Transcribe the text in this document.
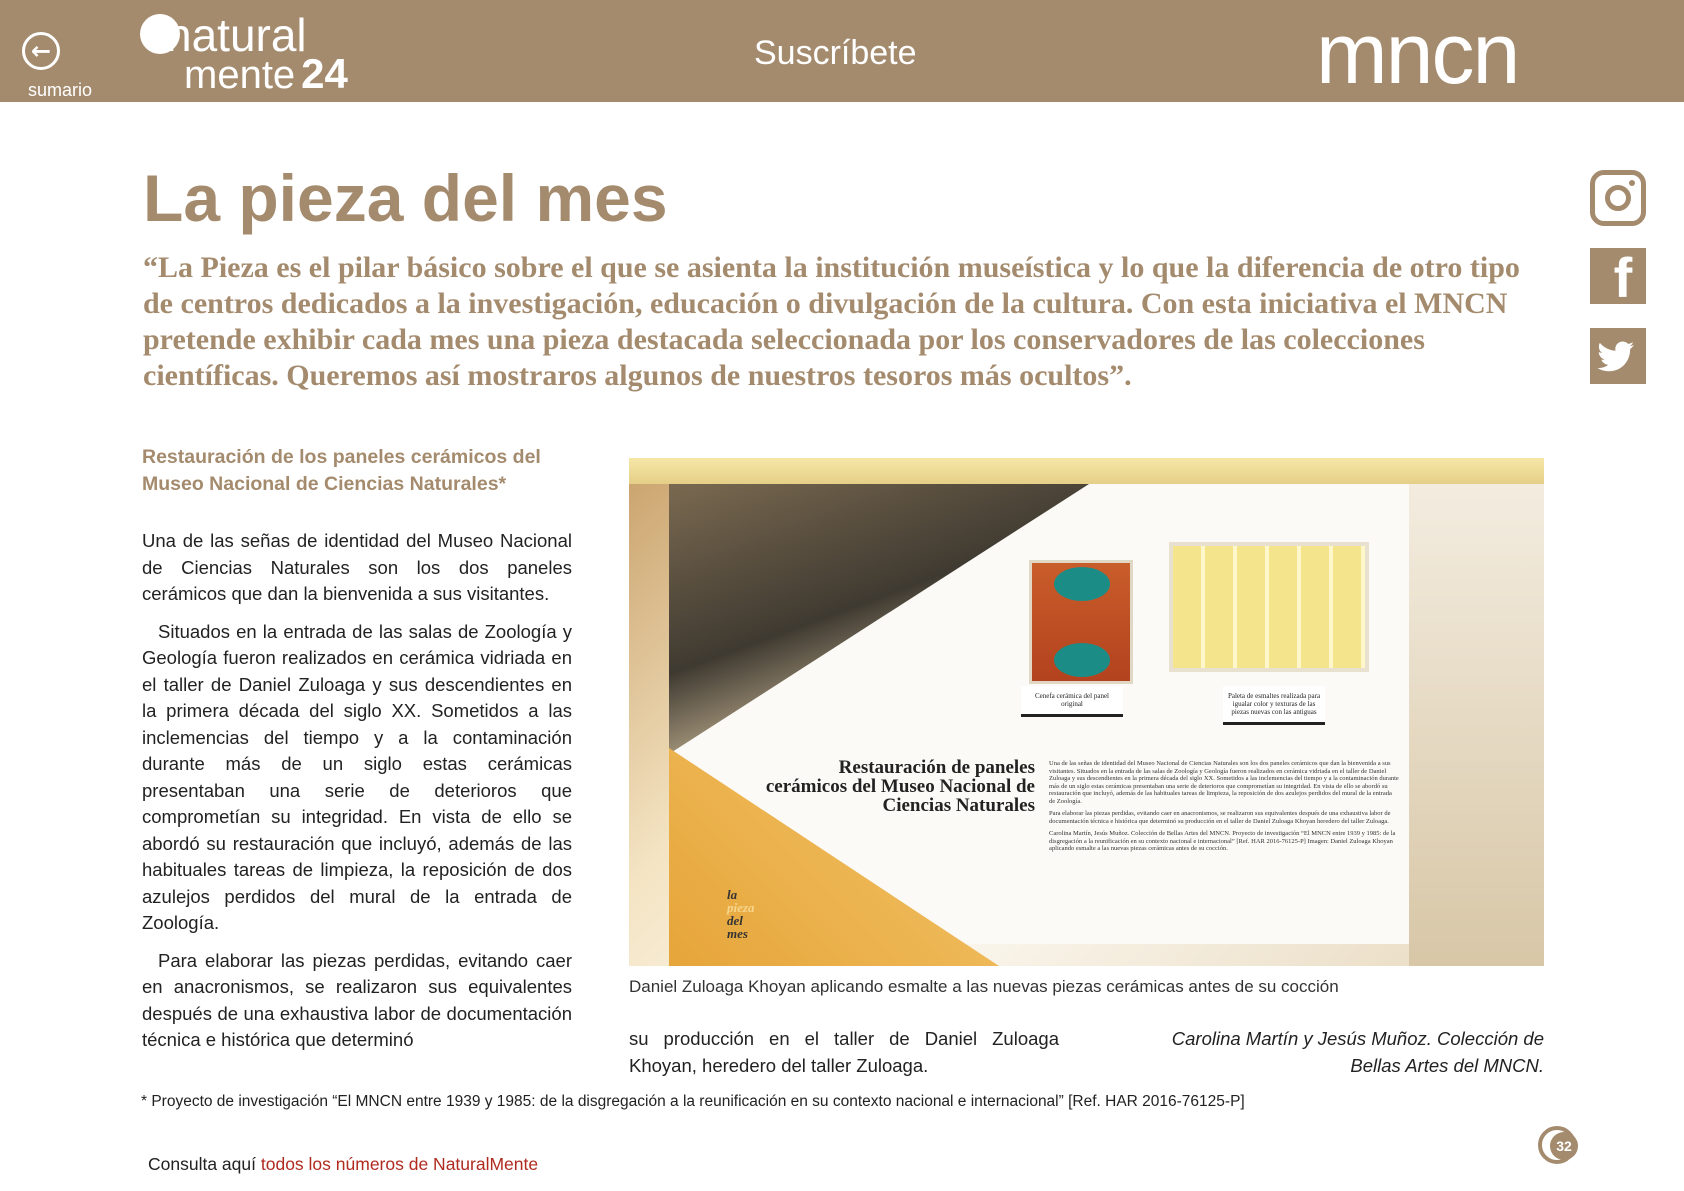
←
sumario
natural
mente 24	Suscríbete	mncn
f
La pieza del mes
“La Pieza es el pilar básico sobre el que se asienta la institución museística y lo que la diferencia de otro tipo de centros dedicados a la investigación, educación o divulgación de la cultura. Con esta iniciativa el MNCN pretende exhibir cada mes una pieza destacada seleccionada por los conservadores de las colecciones científicas. Queremos así mostraros algunos de nuestros tesoros más ocultos”.
Restauración de los paneles cerámicos del Museo Nacional de Ciencias Naturales*

Una de las señas de identidad del Museo Nacional de Ciencias Naturales son los dos paneles cerámicos que dan la bienvenida a sus visitantes.

Situados en la entrada de las salas de Zoología y Geología fueron realizados en cerámica vidriada en el taller de Daniel Zuloaga y sus descendientes en la primera década del siglo XX. Sometidos a las inclemencias del tiempo y a la contaminación durante más de un siglo estas cerámicas presentaban una serie de deterioros que comprometían su integridad. En vista de ello se abordó su restauración que incluyó, además de las habituales tareas de limpieza, la reposición de dos azulejos perdidos del mural de la entrada de Zoología.

Para elaborar las piezas perdidas, evitando caer en anacronismos, se realizaron sus equivalentes después de una exhaustiva labor de documentación técnica e histórica que determinó

Cenefa cerámica del panel original
Paleta de esmaltes realizada para igualar color y texturas de las piezas nuevas con las antiguas
Restauración de paneles cerámicos del Museo Nacional de Ciencias Naturales

Una de las señas de identidad del Museo Nacional de Ciencias Naturales son los dos paneles cerámicos que dan la bienvenida a sus visitantes. Situados en la entrada de las salas de Zoología y Geología fueron realizados en cerámica vidriada en el taller de Daniel Zuloaga y sus descendientes en la primera década del siglo XX. Sometidos a las inclemencias del tiempo y a la contaminación durante más de un siglo estas cerámicas presentaban una serie de deterioros que comprometían su integridad. En vista de ello se abordó su restauración que incluyó, además de las habituales tareas de limpieza, la reposición de dos azulejos perdidos del mural de la entrada de Zoología.

Para elaborar las piezas perdidas, evitando caer en anacronismos, se realizaron sus equivalentes después de una exhaustiva labor de documentación técnica e histórica que determinó su producción en el taller de Daniel Zuloaga Khoyan heredero del taller Zuloaga.

Carolina Martín, Jesús Muñoz. Colección de Bellas Artes del MNCN. Proyecto de investigación “El MNCN entre 1939 y 1985: de la disgregación a la reunificación en su contexto nacional e internacional” [Ref. HAR 2016-76125-P] Imagen: Daniel Zuloaga Khoyan aplicando esmalte a las nuevas piezas cerámicas antes de su cocción.

la
pieza
del
mes
Daniel Zuloaga Khoyan aplicando esmalte a las nuevas piezas cerámicas antes de su cocción
su producción en el taller de Daniel Zuloaga Khoyan, heredero del taller Zuloaga.
Carolina Martín y Jesús Muñoz. Colección de Bellas Artes del MNCN.
* Proyecto de investigación “El MNCN entre 1939 y 1985: de la disgregación a la reunificación en su contexto nacional e internacional” [Ref. HAR 2016-76125-P]
Consulta aquí todos los números de NaturalMente
32
